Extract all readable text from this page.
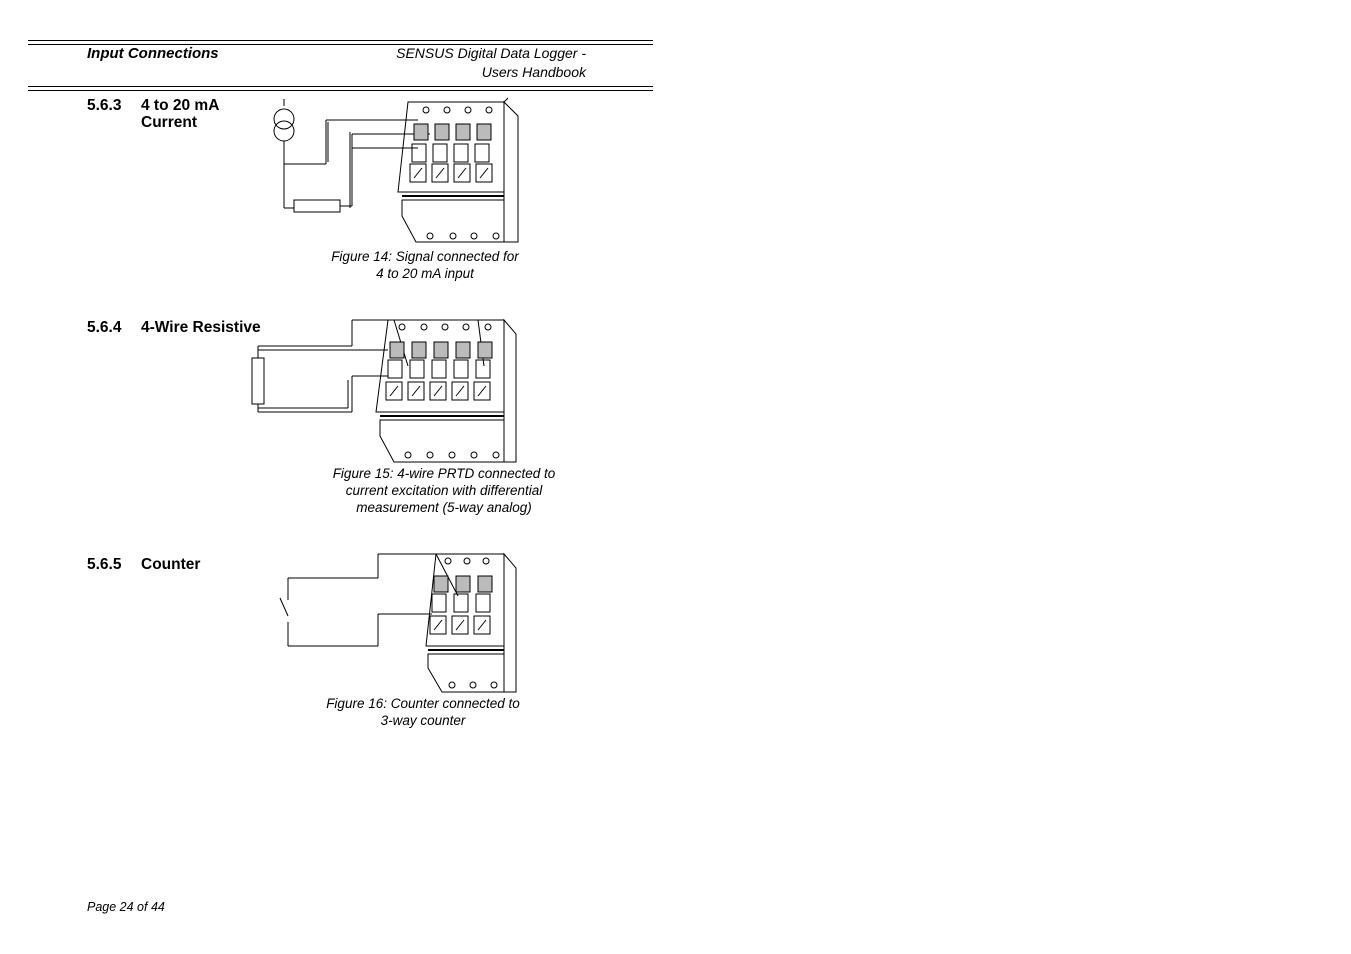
Input Connections	SENSUS Digital Data Logger -
Users Handbook
5.6.3 4 to 20 mA
Current
Figure 14: Signal connected for
4 to 20 mA input
5.6.4 4-Wire Resistive
Figure 15: 4-wire PRTD connected to
current excitation with differential
measurement (5-way analog)
5.6.5 Counter
Figure 16: Counter connected to
3-way counter
Page 24 of 44
